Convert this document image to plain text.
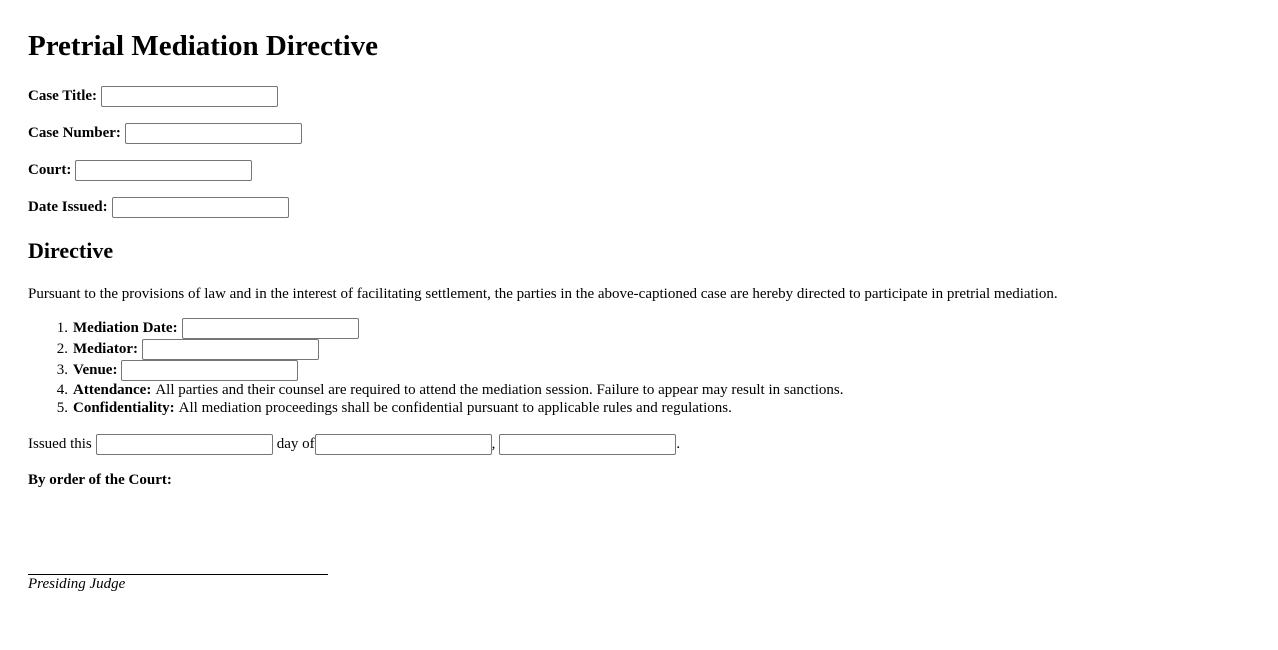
Pretrial Mediation Directive
Case Title:
Case Number:
Court:
Date Issued:
Directive
Pursuant to the provisions of law and in the interest of facilitating settlement, the parties in the above-captioned case are hereby directed to participate in pretrial mediation.
1. Mediation Date:
2. Mediator:
3. Venue:
4. Attendance: All parties and their counsel are required to attend the mediation session. Failure to appear may result in sanctions.
5. Confidentiality: All mediation proceedings shall be confidential pursuant to applicable rules and regulations.
Issued this	day of	,	.
By order of the Court:
Presiding Judge
